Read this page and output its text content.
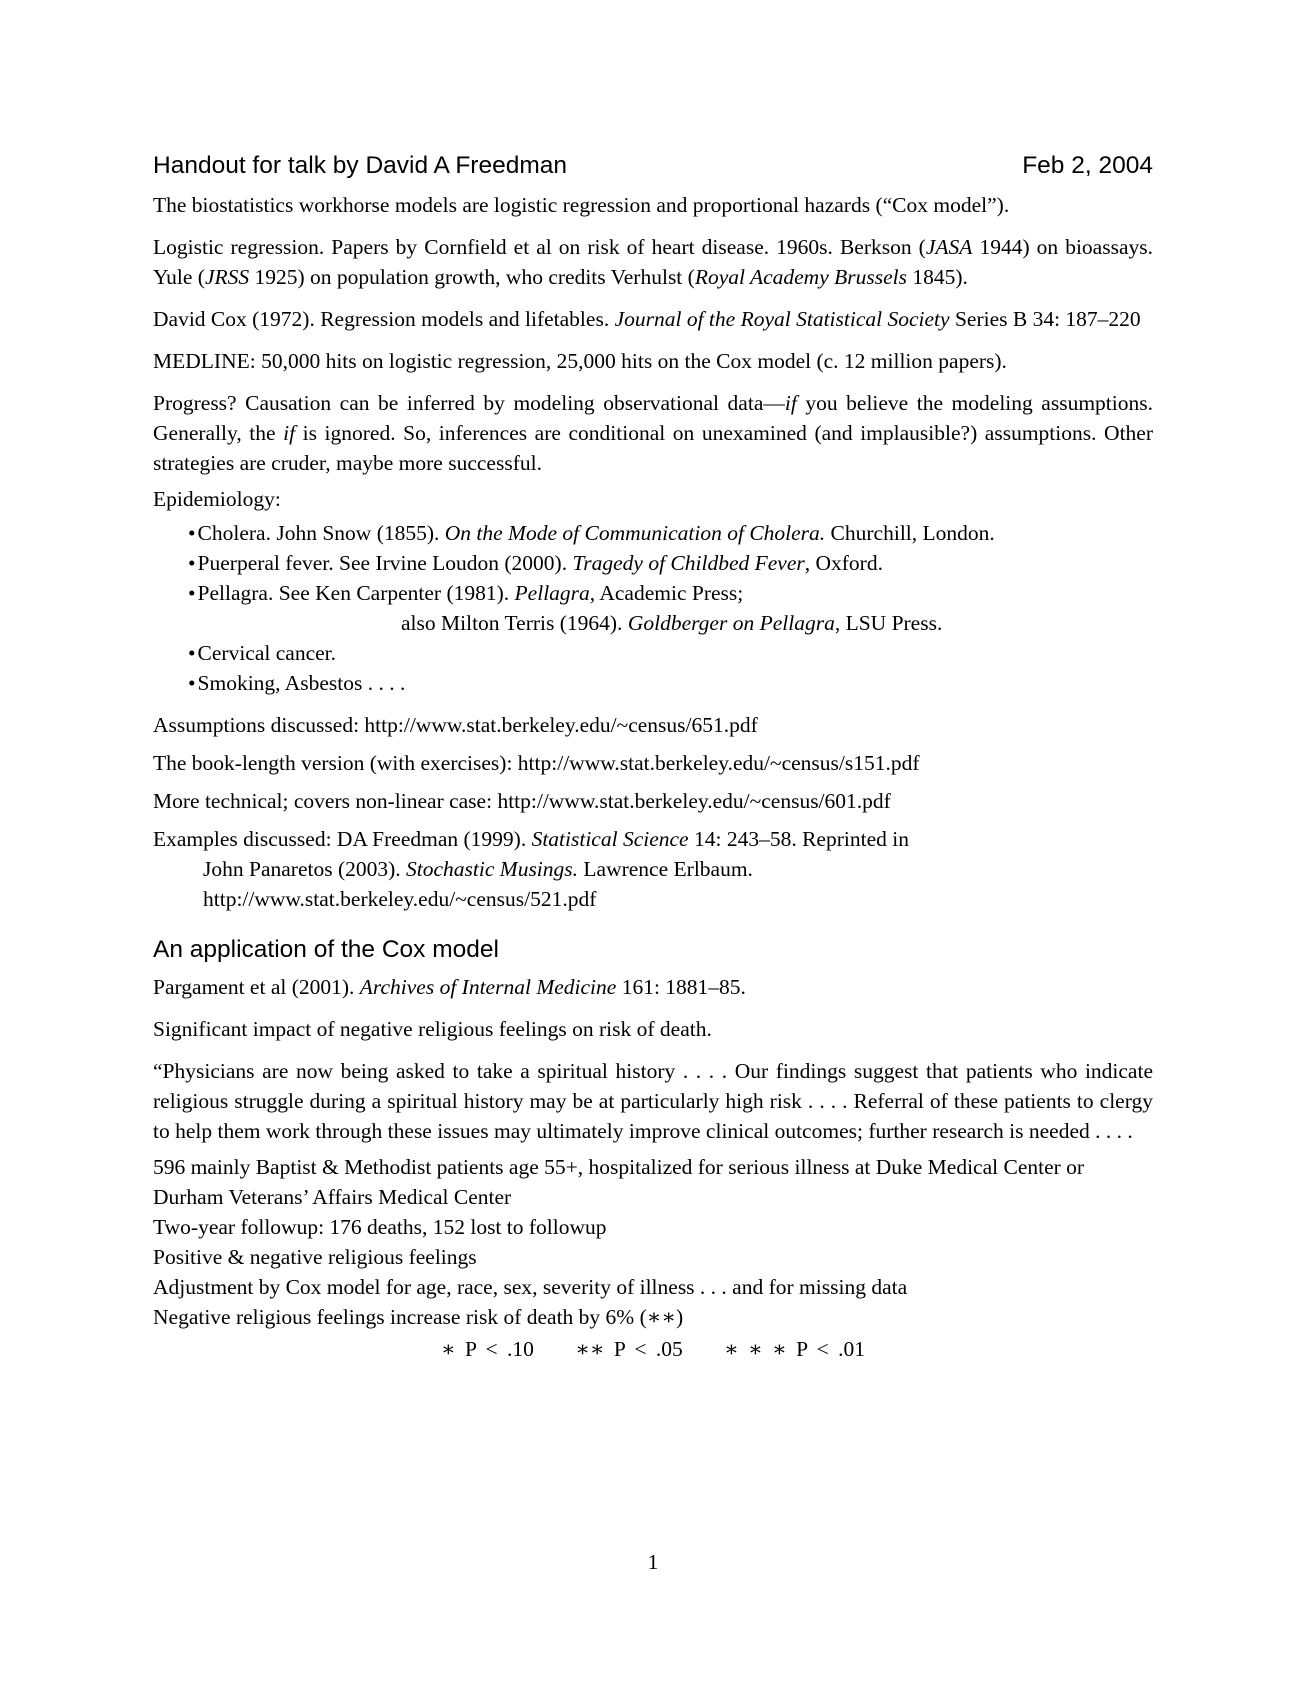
Handout for talk by David A Freedman	Feb 2, 2004

The biostatistics workhorse models are logistic regression and proportional hazards (“Cox model”).

Logistic regression. Papers by Cornfield et al on risk of heart disease. 1960s. Berkson (JASA 1944) on bioassays. Yule (JRSS 1925) on population growth, who credits Verhulst (Royal Academy Brussels 1845).

David Cox (1972). Regression models and lifetables. Journal of the Royal Statistical Society Series B 34: 187–220

MEDLINE: 50,000 hits on logistic regression, 25,000 hits on the Cox model (c. 12 million papers).

Progress? Causation can be inferred by modeling observational data—if you believe the modeling assumptions. Generally, the if is ignored. So, inferences are conditional on unexamined (and implausible?) assumptions. Other strategies are cruder, maybe more successful.

Epidemiology:
• Cholera. John Snow (1855). On the Mode of Communication of Cholera. Churchill, London.
• Puerperal fever. See Irvine Loudon (2000). Tragedy of Childbed Fever, Oxford.
• Pellagra. See Ken Carpenter (1981). Pellagra, Academic Press;
also Milton Terris (1964). Goldberger on Pellagra, LSU Press.
• Cervical cancer.
• Smoking, Asbestos . . . .
Assumptions discussed: http://www.stat.berkeley.edu/~census/651.pdf
The book-length version (with exercises): http://www.stat.berkeley.edu/~census/s151.pdf
More technical; covers non-linear case: http://www.stat.berkeley.edu/~census/601.pdf
Examples discussed: DA Freedman (1999). Statistical Science 14: 243–58. Reprinted in
John Panaretos (2003). Stochastic Musings. Lawrence Erlbaum.
http://www.stat.berkeley.edu/~census/521.pdf
An application of the Cox model

Pargament et al (2001). Archives of Internal Medicine 161: 1881–85.

Significant impact of negative religious feelings on risk of death.

“Physicians are now being asked to take a spiritual history . . . . Our findings suggest that patients who indicate religious struggle during a spiritual history may be at particularly high risk . . . . Referral of these patients to clergy to help them work through these issues may ultimately improve clinical outcomes; further research is needed . . . .

596 mainly Baptist & Methodist patients age 55+, hospitalized for serious illness at Duke Medical Center or Durham Veterans’ Affairs Medical Center

Two-year followup: 176 deaths, 152 lost to followup
Positive & negative religious feelings
Adjustment by Cox model for age, race, sex, severity of illness . . . and for missing data
Negative religious feelings increase risk of death by 6% (∗∗)
∗ P < .10 ∗∗ P < .05 ∗ ∗ ∗ P < .01
1
